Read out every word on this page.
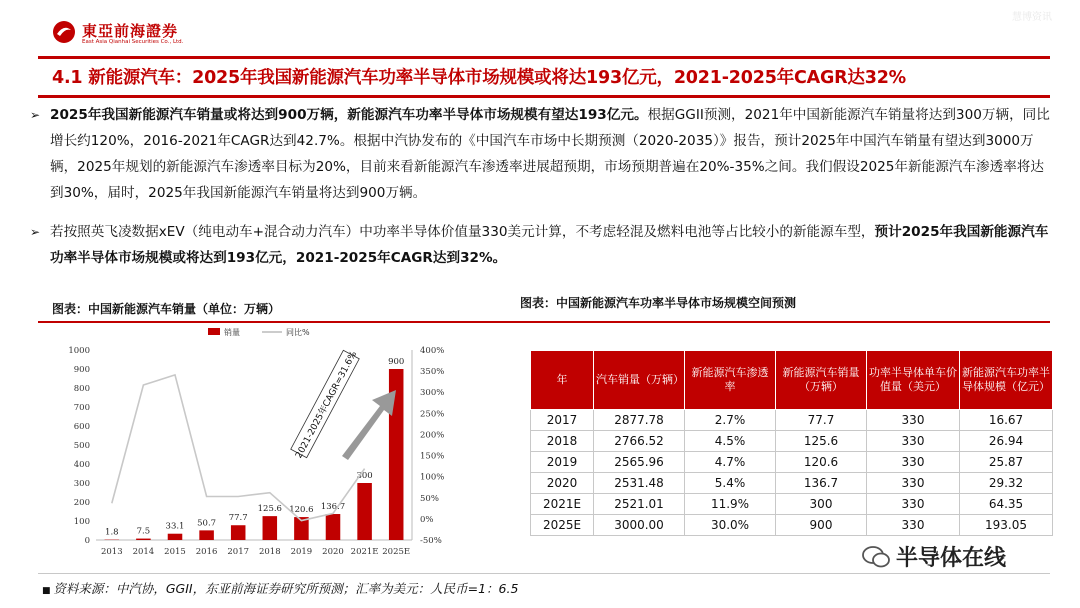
東亞前海證券
East Asia Qianhai Securities Co., Ltd.
慧博资讯
4.1 新能源汽车：2025年我国新能源汽车功率半导体市场规模或将达193亿元，2021-2025年CAGR达32%
➢ 2025年我国新能源汽车销量或将达到900万辆，新能源汽车功率半导体市场规模有望达193亿元。根据GGII预测，2021年中国新能源汽车销量将达到300万辆，同比增长约120%，2016-2021年CAGR达到42.7%。根据中汽协发布的《中国汽车市场中长期预测（2020-2035）》报告，预计2025年中国汽车销量有望达到3000万辆，2025年规划的新能源汽车渗透率目标为20%，目前来看新能源汽车渗透率进展超预期，市场预期普遍在20%-35%之间。我们假设2025年新能源汽车渗透率将达到30%，届时，2025年我国新能源汽车销量将达到900万辆。
➢ 若按照英飞凌数据xEV（纯电动车+混合动力汽车）中功率半导体价值量330美元计算，不考虑轻混及燃料电池等占比较小的新能源车型，预计2025年我国新能源汽车功率半导体市场规模或将达到193亿元，2021-2025年CAGR达到32%。
图表：中国新能源汽车销量（单位：万辆）	图表：中国新能源汽车功率半导体市场规模空间预测
销量	同比%
0
100
200
300
400
500
600
700
800
900
1000
-50%
0%
50%
100%
150%
200%
250%
300%
350%
400%
1.8 7.5 33.1 50.7
77.7
125.6 120.6 136.7
300
900
2013 2014 2015 2016 2017 2018 2019 2020 2021E 2025E
2021-2025年CAGR=31.6%	年	汽车销量（万辆）	新能源汽车渗透率	新能源汽车销量（万辆）	功率半导体单车价值量（美元）	新能源汽车功率半导体规模（亿元）
2017	2877.78	2.7%	77.7	330	16.67
2018	2766.52	4.5%	125.6	330	26.94
2019	2565.96	4.7%	120.6	330	25.87
2020	2531.48	5.4%	136.7	330	29.32
2021E	2521.01	11.9%	300	330	64.35
2025E	3000.00	30.0%	900	330	193.05
■ 资料来源：中汽协，GGII，东亚前海证券研究所预测；汇率为美元：人民币=1：6.5
半导体在线
